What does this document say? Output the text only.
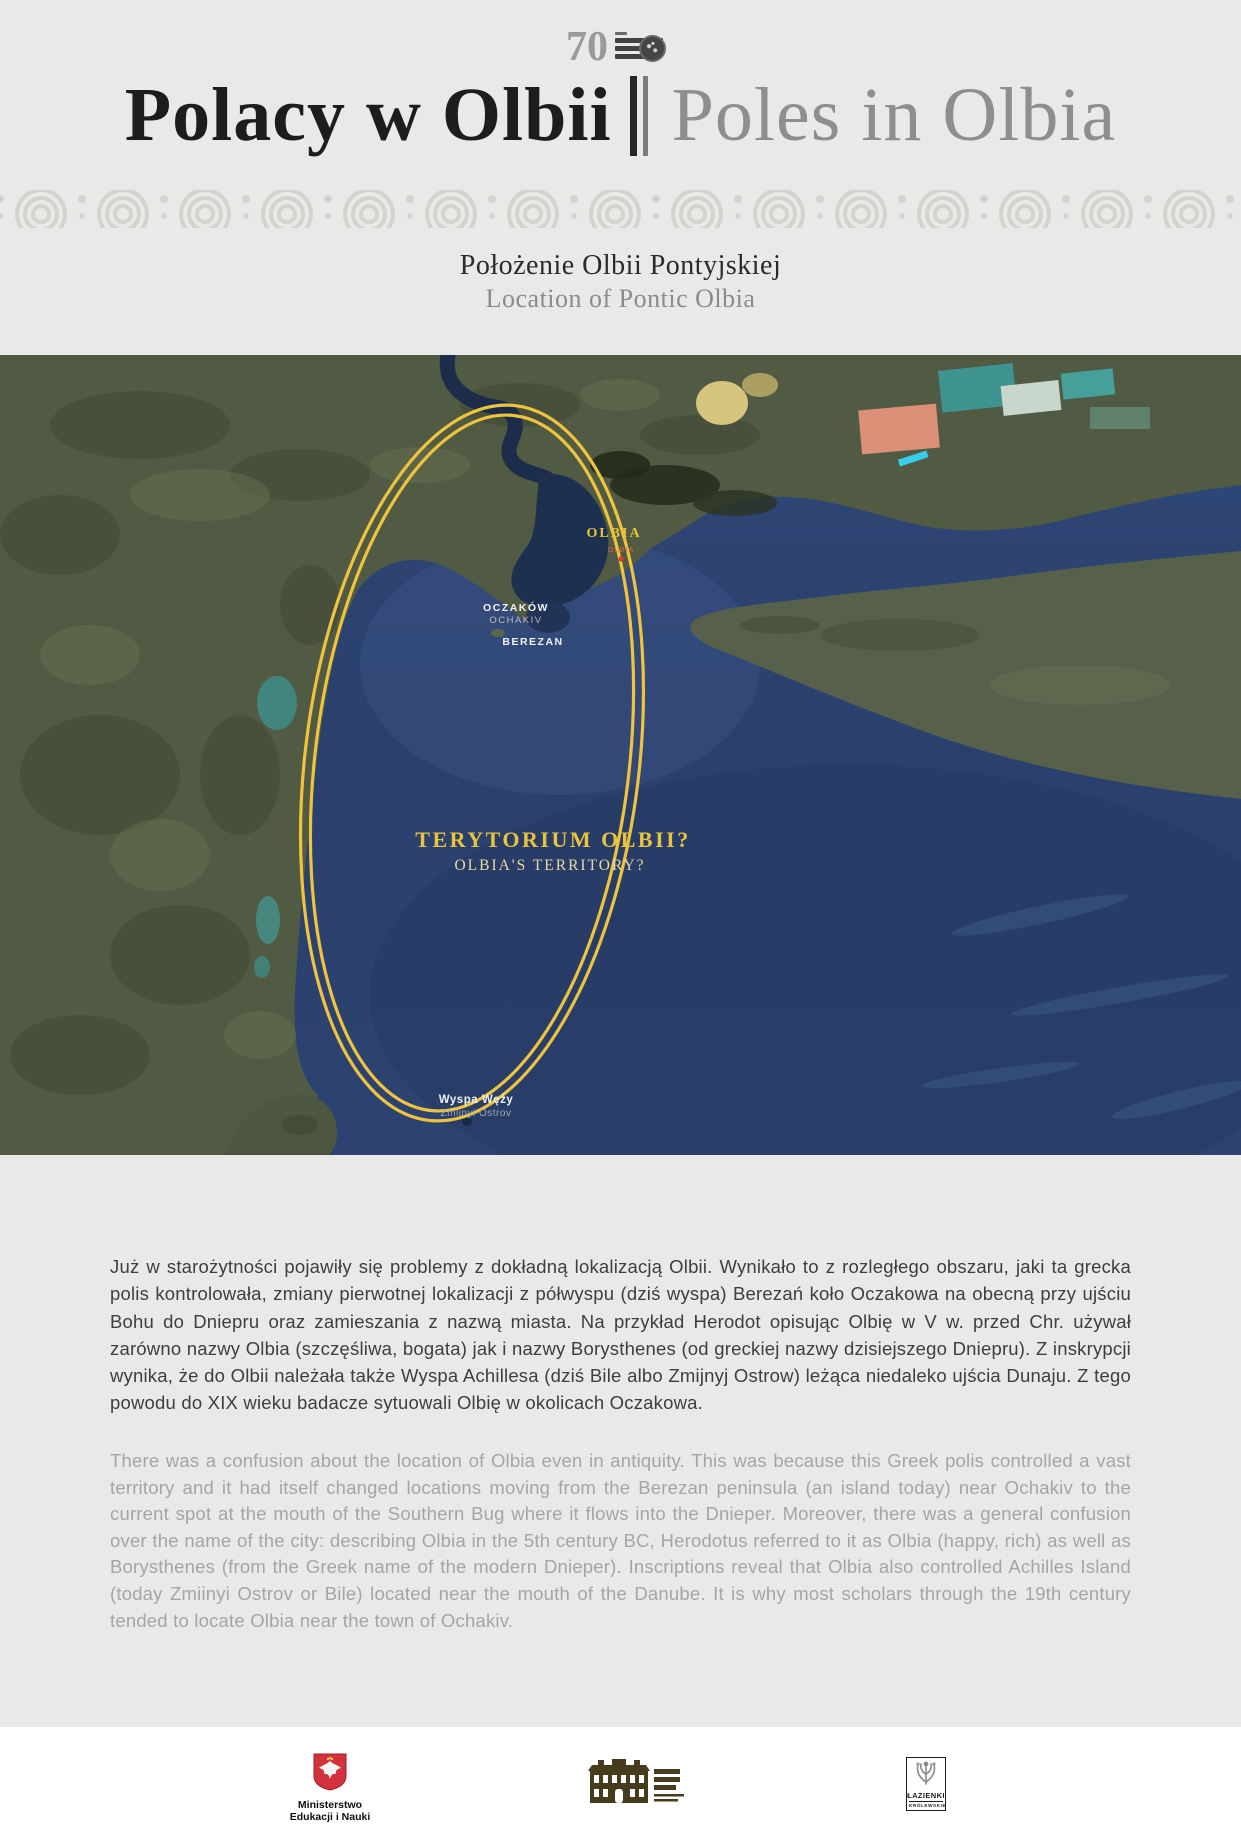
70
Polacy w Olbii Poles in Olbia
Położenie Olbii Pontyjskiej
Location of Pontic Olbia
OLBIA
OLBIA
OCZAKÓW
OCHAKIV
BEREZAN
TERYTORIUM OLBII?
OLBIA'S TERRITORY?
Wyspa Węży
Zmiinyi Ostrov

Już w starożytności pojawiły się problemy z dokładną lokalizacją Olbii. Wynikało to z rozległego obszaru, jaki ta grecka polis kontrolowała, zmiany pierwotnej lokalizacji z półwyspu (dziś wyspa) Berezań koło Oczakowa na obecną przy ujściu Bohu do Dniepru oraz zamieszania z nazwą miasta. Na przykład Herodot opisując Olbię w V w. przed Chr. używał zarówno nazwy Olbia (szczęśliwa, bogata) jak i nazwy Borysthenes (od greckiej nazwy dzisiejszego Dniepru). Z inskrypcji wynika, że do Olbii należała także Wyspa Achillesa (dziś Bile albo Zmijnyj Ostrow) leżąca niedaleko ujścia Dunaju. Z tego powodu do XIX wieku badacze sytuowali Olbię w okolicach Oczakowa.

There was a confusion about the location of Olbia even in antiquity. This was because this Greek polis controlled a vast territory and it had itself changed locations moving from the Berezan peninsula (an island today) near Ochakiv to the current spot at the mouth of the Southern Bug where it flows into the Dnieper. Moreover, there was a general confusion over the name of the city: describing Olbia in the 5th century BC, Herodotus referred to it as Olbia (happy, rich) as well as Borysthenes (from the Greek name of the modern Dnieper). Inscriptions reveal that Olbia also controlled Achilles Island (today Zmiinyi Ostrov or Bile) located near the mouth of the Danube. It is why most scholars through the 19th century tended to locate Olbia near the town of Ochakiv.

Ministerstwo
Edukacji i Nauki
ŁAZIENKI
KRÓLEWSKIE
